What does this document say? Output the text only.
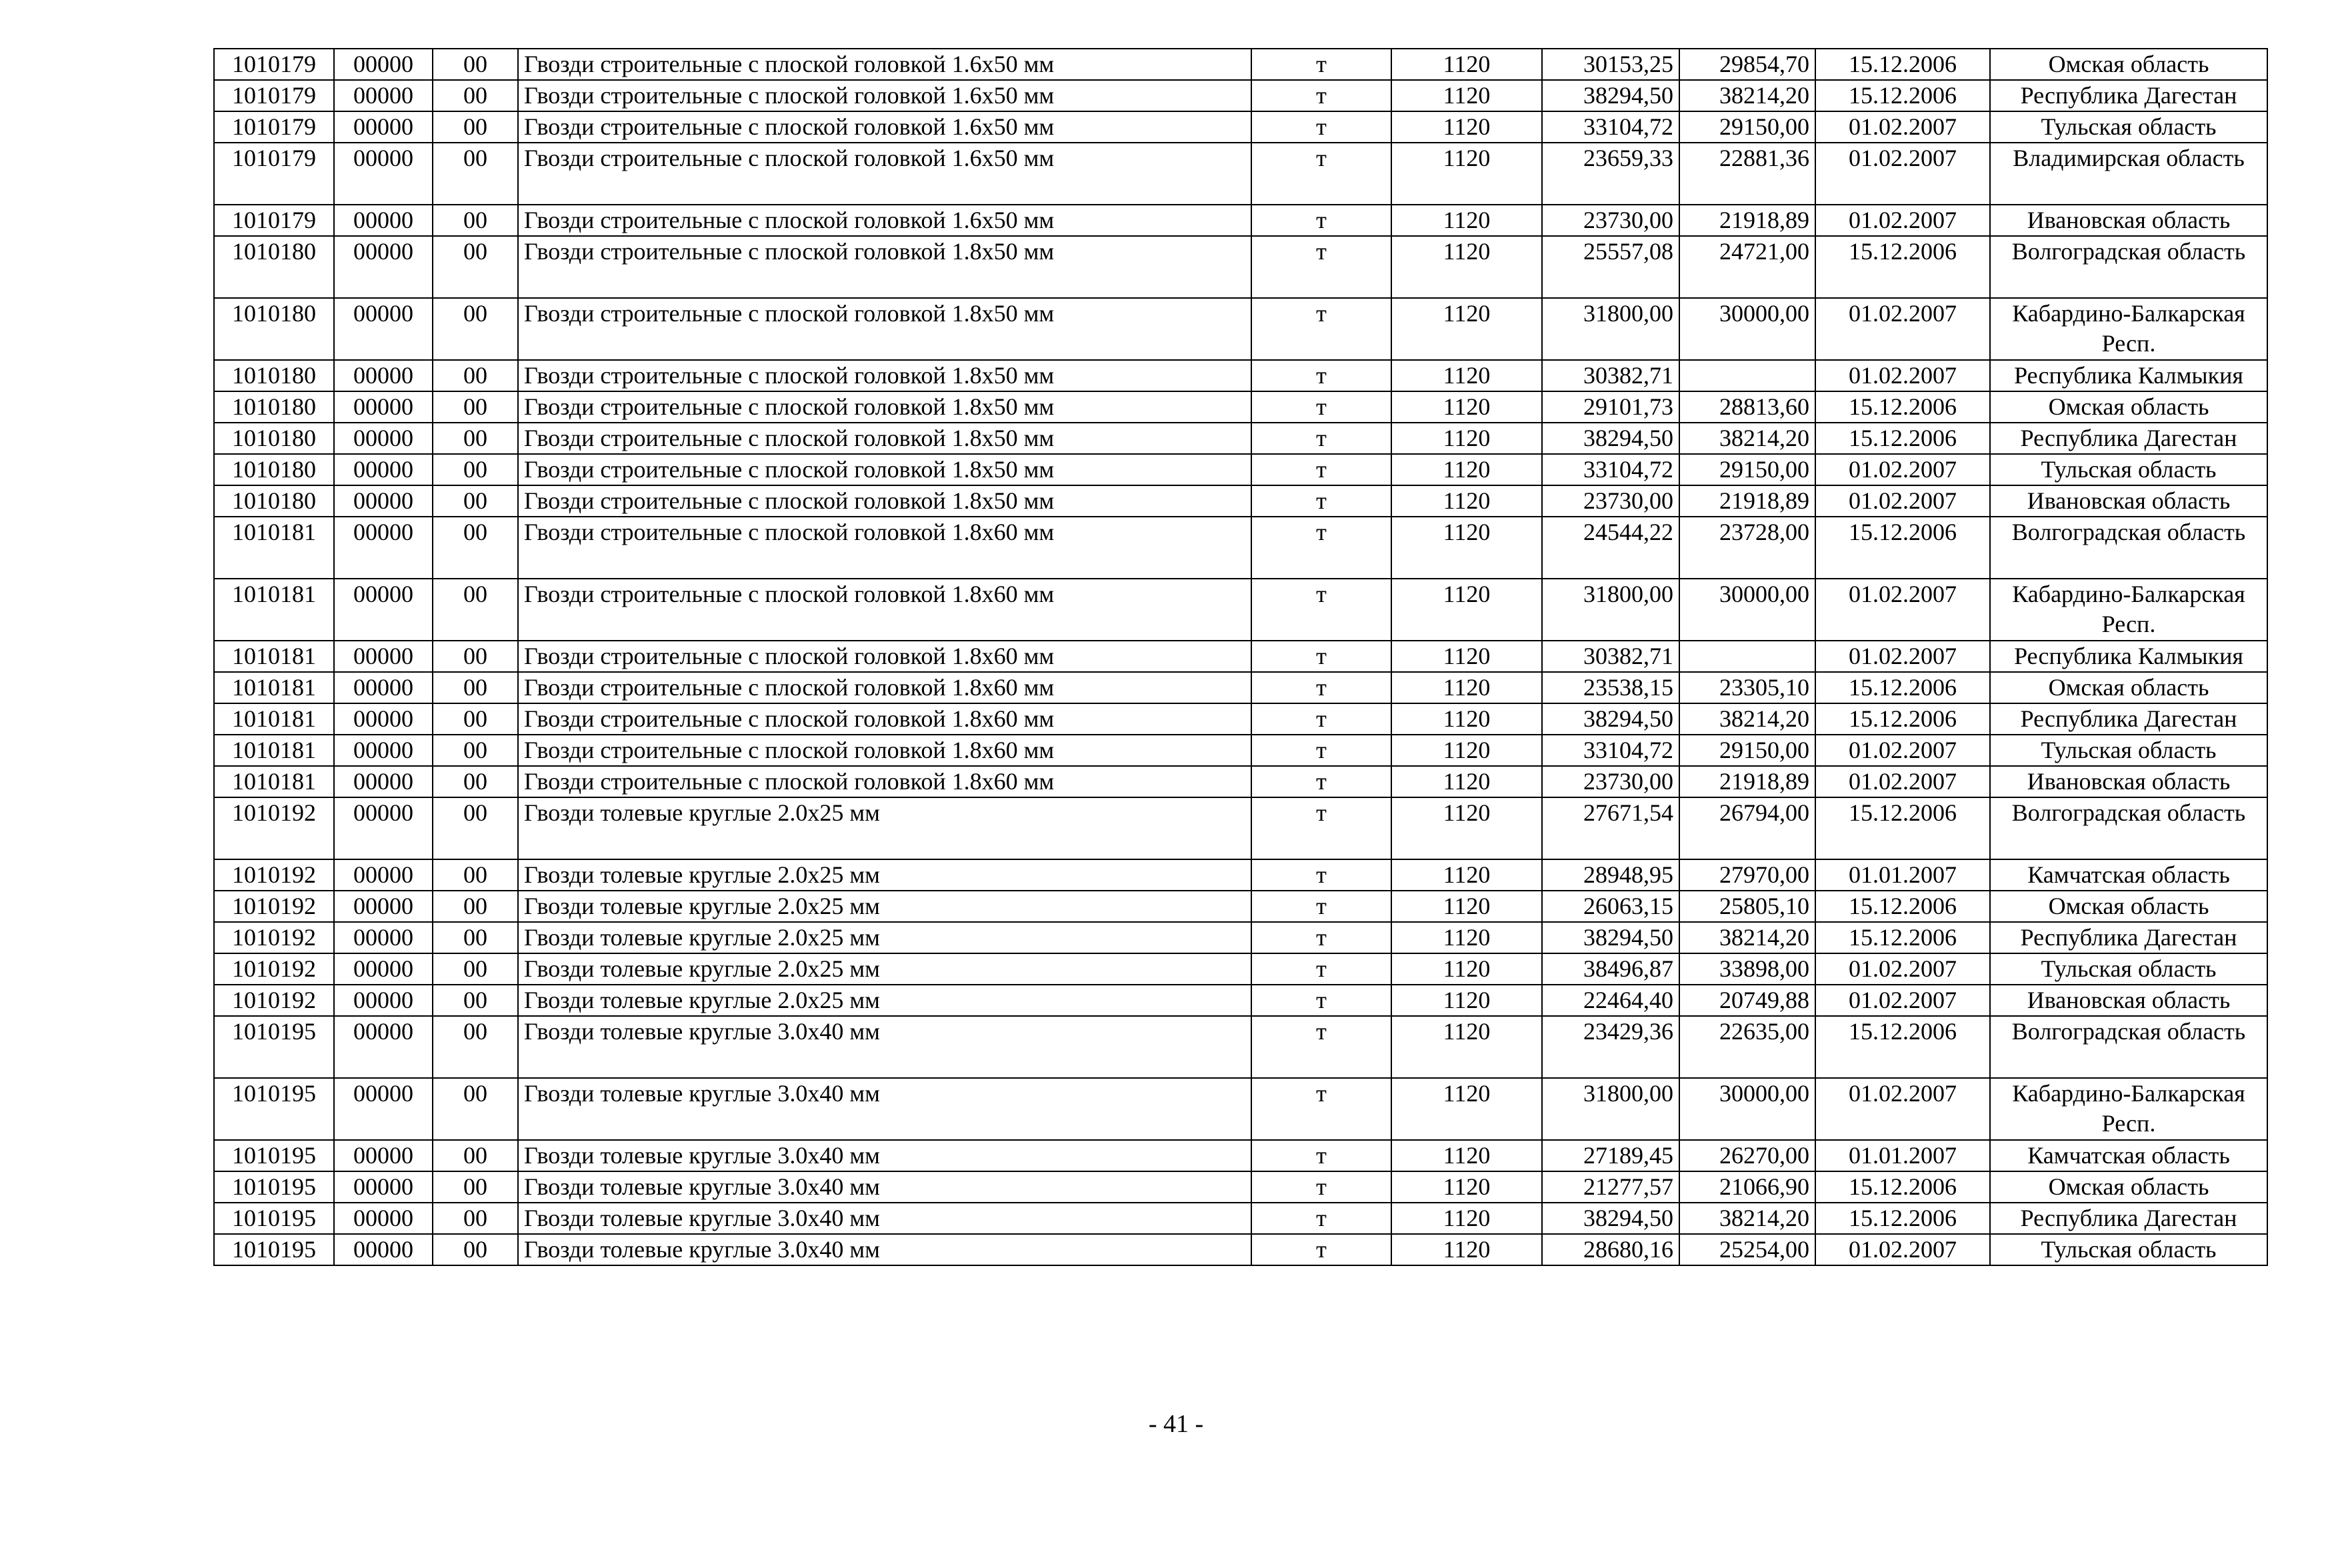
1010179	00000	00	Гвозди строительные с плоской головкой 1.6x50 мм	т	1120	30153,25	29854,70	15.12.2006	Омская область
1010179	00000	00	Гвозди строительные с плоской головкой 1.6x50 мм	т	1120	38294,50	38214,20	15.12.2006	Республика Дагестан
1010179	00000	00	Гвозди строительные с плоской головкой 1.6x50 мм	т	1120	33104,72	29150,00	01.02.2007	Тульская область
1010179	00000	00	Гвозди строительные с плоской головкой 1.6x50 мм	т	1120	23659,33	22881,36	01.02.2007	Владимирская область
1010179	00000	00	Гвозди строительные с плоской головкой 1.6x50 мм	т	1120	23730,00	21918,89	01.02.2007	Ивановская область
1010180	00000	00	Гвозди строительные с плоской головкой 1.8x50 мм	т	1120	25557,08	24721,00	15.12.2006	Волгоградская область
1010180	00000	00	Гвозди строительные с плоской головкой 1.8x50 мм	т	1120	31800,00	30000,00	01.02.2007	Кабардино-Балкарская Респ.
1010180	00000	00	Гвозди строительные с плоской головкой 1.8x50 мм	т	1120	30382,71		01.02.2007	Республика Калмыкия
1010180	00000	00	Гвозди строительные с плоской головкой 1.8x50 мм	т	1120	29101,73	28813,60	15.12.2006	Омская область
1010180	00000	00	Гвозди строительные с плоской головкой 1.8x50 мм	т	1120	38294,50	38214,20	15.12.2006	Республика Дагестан
1010180	00000	00	Гвозди строительные с плоской головкой 1.8x50 мм	т	1120	33104,72	29150,00	01.02.2007	Тульская область
1010180	00000	00	Гвозди строительные с плоской головкой 1.8x50 мм	т	1120	23730,00	21918,89	01.02.2007	Ивановская область
1010181	00000	00	Гвозди строительные с плоской головкой 1.8x60 мм	т	1120	24544,22	23728,00	15.12.2006	Волгоградская область
1010181	00000	00	Гвозди строительные с плоской головкой 1.8x60 мм	т	1120	31800,00	30000,00	01.02.2007	Кабардино-Балкарская Респ.
1010181	00000	00	Гвозди строительные с плоской головкой 1.8x60 мм	т	1120	30382,71		01.02.2007	Республика Калмыкия
1010181	00000	00	Гвозди строительные с плоской головкой 1.8x60 мм	т	1120	23538,15	23305,10	15.12.2006	Омская область
1010181	00000	00	Гвозди строительные с плоской головкой 1.8x60 мм	т	1120	38294,50	38214,20	15.12.2006	Республика Дагестан
1010181	00000	00	Гвозди строительные с плоской головкой 1.8x60 мм	т	1120	33104,72	29150,00	01.02.2007	Тульская область
1010181	00000	00	Гвозди строительные с плоской головкой 1.8x60 мм	т	1120	23730,00	21918,89	01.02.2007	Ивановская область
1010192	00000	00	Гвозди толевые круглые 2.0x25 мм	т	1120	27671,54	26794,00	15.12.2006	Волгоградская область
1010192	00000	00	Гвозди толевые круглые 2.0x25 мм	т	1120	28948,95	27970,00	01.01.2007	Камчатская область
1010192	00000	00	Гвозди толевые круглые 2.0x25 мм	т	1120	26063,15	25805,10	15.12.2006	Омская область
1010192	00000	00	Гвозди толевые круглые 2.0x25 мм	т	1120	38294,50	38214,20	15.12.2006	Республика Дагестан
1010192	00000	00	Гвозди толевые круглые 2.0x25 мм	т	1120	38496,87	33898,00	01.02.2007	Тульская область
1010192	00000	00	Гвозди толевые круглые 2.0x25 мм	т	1120	22464,40	20749,88	01.02.2007	Ивановская область
1010195	00000	00	Гвозди толевые круглые 3.0x40 мм	т	1120	23429,36	22635,00	15.12.2006	Волгоградская область
1010195	00000	00	Гвозди толевые круглые 3.0x40 мм	т	1120	31800,00	30000,00	01.02.2007	Кабардино-Балкарская Респ.
1010195	00000	00	Гвозди толевые круглые 3.0x40 мм	т	1120	27189,45	26270,00	01.01.2007	Камчатская область
1010195	00000	00	Гвозди толевые круглые 3.0x40 мм	т	1120	21277,57	21066,90	15.12.2006	Омская область
1010195	00000	00	Гвозди толевые круглые 3.0x40 мм	т	1120	38294,50	38214,20	15.12.2006	Республика Дагестан
1010195	00000	00	Гвозди толевые круглые 3.0x40 мм	т	1120	28680,16	25254,00	01.02.2007	Тульская область
- 41 -
